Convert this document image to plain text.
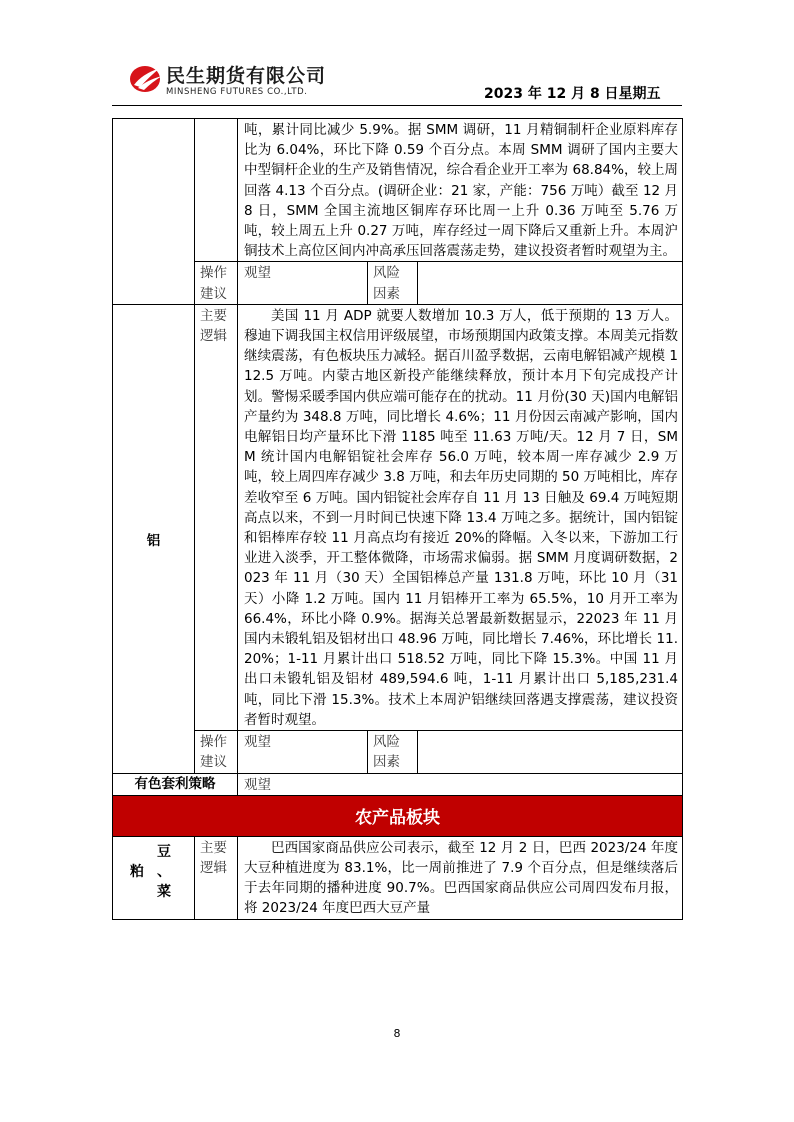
民生期货有限公司
MINSHENG FUTURES CO.,LTD.	2023 年 12 月 8 日星期五

		吨，累计同比减少 5.9%。据 SMM 调研，11 月精铜制杆企业原料库存比为 6.04%，环比下降 0.59 个百分点。本周 SMM 调研了国内主要大中型铜杆企业的生产及销售情况，综合看企业开工率为 68.84%，较上周回落 4.13 个百分点。(调研企业：21 家，产能：756 万吨）截至 12 月 8 日，SMM 全国主流地区铜库存环比周一上升 0.36 万吨至 5.76 万吨，较上周五上升 0.27 万吨，库存经过一周下降后又重新上升。本周沪铜技术上高位区间内冲高承压回落震荡走势，建议投资者暂时观望为主。		

	操作建议	观望	风险因素	

铝	主要逻辑	美国 11 月 ADP 就要人数增加 10.3 万人，低于预期的 13 万人。穆迪下调我国主权信用评级展望，市场预期国内政策支撑。本周美元指数继续震荡，有色板块压力减轻。据百川盈孚数据，云南电解铝减产规模 112.5 万吨。内蒙古地区新投产能继续释放，预计本月下旬完成投产计划。警惕采暖季国内供应端可能存在的扰动。11 月份(30 天)国内电解铝产量约为 348.8 万吨，同比增长 4.6%；11 月份因云南减产影响，国内电解铝日均产量环比下滑 1185 吨至 11.63 万吨/天。12 月 7 日，SMM 统计国内电解铝锭社会库存 56.0 万吨，较本周一库存减少 2.9 万吨，较上周四库存减少 3.8 万吨，和去年历史同期的 50 万吨相比，库存差收窄至 6 万吨。国内铝锭社会库存自 11 月 13 日触及 69.4 万吨短期高点以来，不到一月时间已快速下降 13.4 万吨之多。据统计，国内铝锭和铝棒库存较 11 月高点均有接近 20%的降幅。入冬以来，下游加工行业进入淡季，开工整体微降，市场需求偏弱。据 SMM 月度调研数据，2023 年 11 月（30 天）全国铝棒总产量 131.8 万吨，环比 10 月（31 天）小降 1.2 万吨。国内 11 月铝棒开工率为 65.5%，10 月开工率为 66.4%，环比小降 0.9%。据海关总署最新数据显示，22023 年 11 月国内未锻轧铝及铝材出口 48.96 万吨，同比增长 7.46%，环比增长 11.20%；1-11 月累计出口 518.52 万吨，同比下降 15.3%。中国 11 月出口未锻轧铝及铝材 489,594.6 吨，1-11 月累计出口 5,185,231.4 吨，同比下滑 15.3%。技术上本周沪铝继续回落遇支撑震荡，建议投资者暂时观望。		

	操作建议	观望	风险因素	

有色套利策略		观望		

农产品板块				

豆
粕 、
菜	主要逻辑	巴西国家商品供应公司表示，截至 12 月 2 日，巴西 2023/24 年度大豆种植进度为 83.1%，比一周前推进了 7.9 个百分点，但是继续落后于去年同期的播种进度 90.7%。巴西国家商品供应公司周四发布月报，将 2023/24 年度巴西大豆产量		
8
